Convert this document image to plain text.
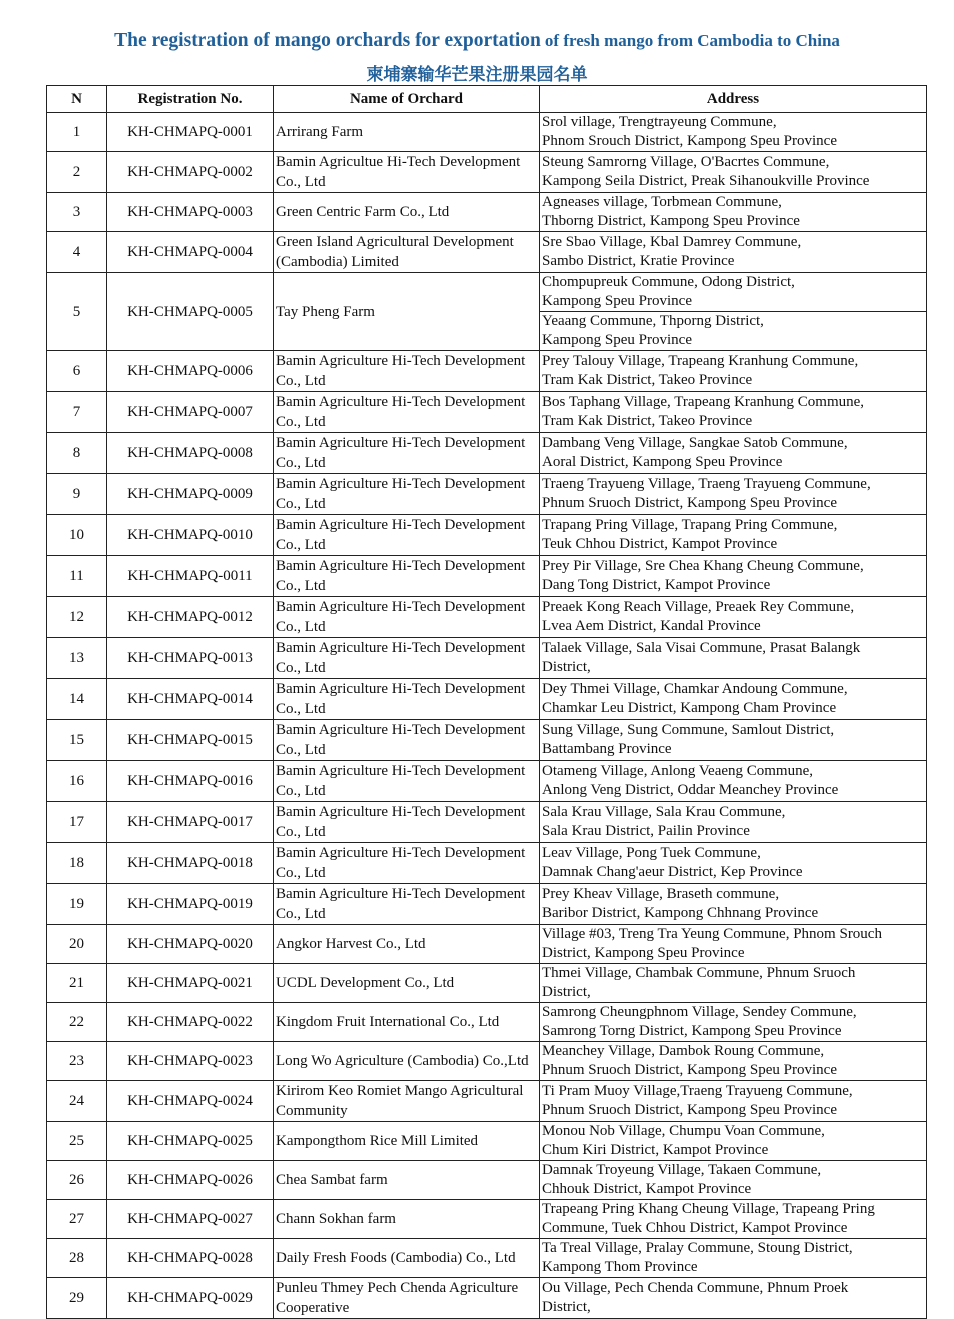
The registration of mango orchards for exportation of fresh mango from Cambodia to China
柬埔寨输华芒果注册果园名单
N	Registration No.	Name of Orchard	Address
1	KH-CHMAPQ-0001	Arrirang Farm	Srol village, Trengtrayeung Commune,
Phnom Srouch District, Kampong Speu Province

2	KH-CHMAPQ-0002	Bamin Agricultue Hi-Tech Development Co., Ltd	Steung Samrorng Village, O'Bacrtes Commune,
Kampong Seila District, Preak Sihanoukville Province

3	KH-CHMAPQ-0003	Green Centric Farm Co., Ltd	Agneases village, Torbmean Commune,
Thborng District, Kampong Speu Province

4	KH-CHMAPQ-0004	Green Island Agricultural Development (Cambodia) Limited	Sre Sbao Village, Kbal Damrey Commune,
Sambo District, Kratie Province

5	KH-CHMAPQ-0005	Tay Pheng Farm	Chompupreuk Commune, Odong District,
Kampong Speu Province
Yeaang Commune, Thporng District,
Kampong Speu Province

6	KH-CHMAPQ-0006	Bamin Agriculture Hi-Tech Development Co., Ltd	Prey Talouy Village, Trapeang Kranhung Commune,
Tram Kak District, Takeo Province

7	KH-CHMAPQ-0007	Bamin Agriculture Hi-Tech Development Co., Ltd	Bos Taphang Village, Trapeang Kranhung Commune,
Tram Kak District, Takeo Province

8	KH-CHMAPQ-0008	Bamin Agriculture Hi-Tech Development Co., Ltd	Dambang Veng Village, Sangkae Satob Commune,
Aoral District, Kampong Speu Province

9	KH-CHMAPQ-0009	Bamin Agriculture Hi-Tech Development Co., Ltd	Traeng Trayueng Village, Traeng Trayueng Commune,
Phnum Sruoch District, Kampong Speu Province

10	KH-CHMAPQ-0010	Bamin Agriculture Hi-Tech Development Co., Ltd	Trapang Pring Village, Trapang Pring Commune,
Teuk Chhou District, Kampot Province

11	KH-CHMAPQ-0011	Bamin Agriculture Hi-Tech Development Co., Ltd	Prey Pir Village, Sre Chea Khang Cheung Commune,
Dang Tong District, Kampot Province

12	KH-CHMAPQ-0012	Bamin Agriculture Hi-Tech Development Co., Ltd	Preaek Kong Reach Village, Preaek Rey Commune,
Lvea Aem District, Kandal Province

13	KH-CHMAPQ-0013	Bamin Agriculture Hi-Tech Development Co., Ltd	Talaek Village, Sala Visai Commune, Prasat Balangk
District,

14	KH-CHMAPQ-0014	Bamin Agriculture Hi-Tech Development Co., Ltd	Dey Thmei Village, Chamkar Andoung Commune,
Chamkar Leu District, Kampong Cham Province

15	KH-CHMAPQ-0015	Bamin Agriculture Hi-Tech Development Co., Ltd	Sung Village, Sung Commune, Samlout District,
Battambang Province

16	KH-CHMAPQ-0016	Bamin Agriculture Hi-Tech Development Co., Ltd	Otameng Village, Anlong Veaeng Commune,
Anlong Veng District, Oddar Meanchey Province

17	KH-CHMAPQ-0017	Bamin Agriculture Hi-Tech Development Co., Ltd	Sala Krau Village, Sala Krau Commune,
Sala Krau District, Pailin Province

18	KH-CHMAPQ-0018	Bamin Agriculture Hi-Tech Development Co., Ltd	Leav Village, Pong Tuek Commune,
Damnak Chang'aeur District, Kep Province

19	KH-CHMAPQ-0019	Bamin Agriculture Hi-Tech Development Co., Ltd	Prey Kheav Village, Braseth commune,
Baribor District, Kampong Chhnang Province

20	KH-CHMAPQ-0020	Angkor Harvest Co., Ltd	Village #03, Treng Tra Yeung Commune, Phnom Srouch
District, Kampong Speu Province

21	KH-CHMAPQ-0021	UCDL Development Co., Ltd	Thmei Village, Chambak Commune, Phnum Sruoch
District,

22	KH-CHMAPQ-0022	Kingdom Fruit International Co., Ltd	Samrong Cheungphnom Village, Sendey Commune,
Samrong Torng District, Kampong Speu Province

23	KH-CHMAPQ-0023	Long Wo Agriculture (Cambodia) Co.,Ltd	Meanchey Village, Dambok Roung Commune,
Phnum Sruoch District, Kampong Speu Province

24	KH-CHMAPQ-0024	Kirirom Keo Romiet Mango Agricultural Community	Ti Pram Muoy Village,Traeng Trayueng Commune,
Phnum Sruoch District, Kampong Speu Province

25	KH-CHMAPQ-0025	Kampongthom Rice Mill Limited	Monou Nob Village, Chumpu Voan Commune,
Chum Kiri District, Kampot Province

26	KH-CHMAPQ-0026	Chea Sambat farm	Damnak Troyeung Village, Takaen Commune,
Chhouk District, Kampot Province

27	KH-CHMAPQ-0027	Chann Sokhan farm	Trapeang Pring Khang Cheung Village, Trapeang Pring
Commune, Tuek Chhou District, Kampot Province

28	KH-CHMAPQ-0028	Daily Fresh Foods (Cambodia) Co., Ltd	Ta Treal Village, Pralay Commune, Stoung District,
Kampong Thom Province

29	KH-CHMAPQ-0029	Punleu Thmey Pech Chenda Agriculture Cooperative	Ou Village, Pech Chenda Commune, Phnum Proek
District,
